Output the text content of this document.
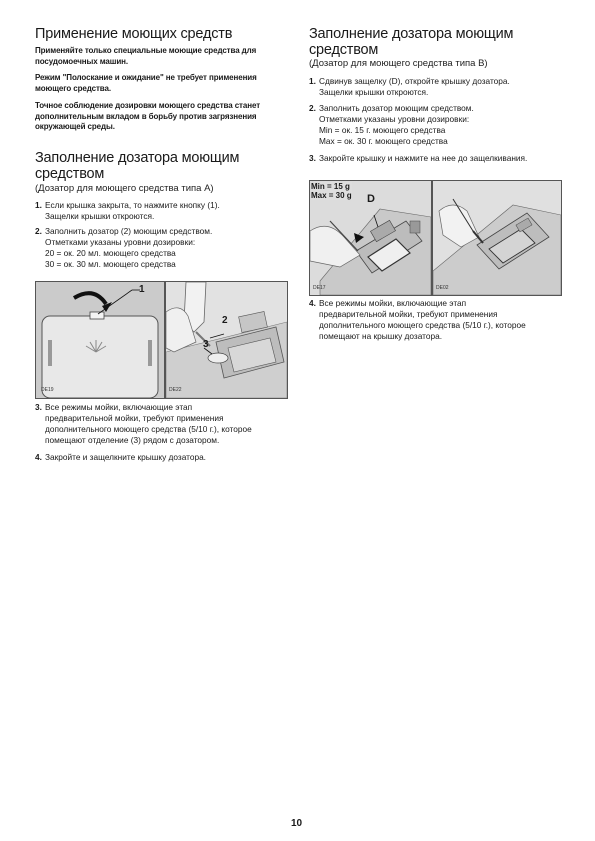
Применение моющих средств

Применяйте только специальные моющие средства для
посудомоечных машин.

Режим "Полоскание и ожидание" не требует применения
моющего средства.

Точное соблюдение дозировки моющего средства станет
дополнительным вкладом в борьбу против загрязнения
окружающей среды.

Заполнение дозатора моющим
средством

(Дозатор для моющего средства типа А)

1. Если крышка закрыта, то нажмите кнопку (1).
Защелки крышки откроются.
2. Заполнить дозатор (2) моющим средством.
Отметками указаны уровни дозировки:
20 = ок. 20 мл. моющего средства
30 = ок. 30 мл. моющего средства
DE19
1
DE22
2
3
3. Все режимы мойки, включающие этап
предварительной мойки, требуют применения
дополнительного моющего средства (5/10 г.), которое
помещают отделение (3) рядом с дозатором.
4. Закройте и защелкните крышку дозатора.
Заполнение дозатора моющим
средством

(Дозатор для моющего средства типа В)

1. Сдвинув защелку (D), откройте крышку дозатора.
Защелки крышки откроются.
2. Заполнить дозатор моющим средством.
Отметками указаны уровни дозировки:
Min = ок. 15 г. моющего средства
Max = ок. 30 г. моющего средства
3. Закройте крышку и нажмите на нее до защелкивания.
DE17
Min = 15 g
Max = 30 g D
DE02
4. Все режимы мойки, включающие этап
предварительной мойки, требуют применения
дополнительного моющего средства (5/10 г.), которое
помещают на крышку дозатора.
10
